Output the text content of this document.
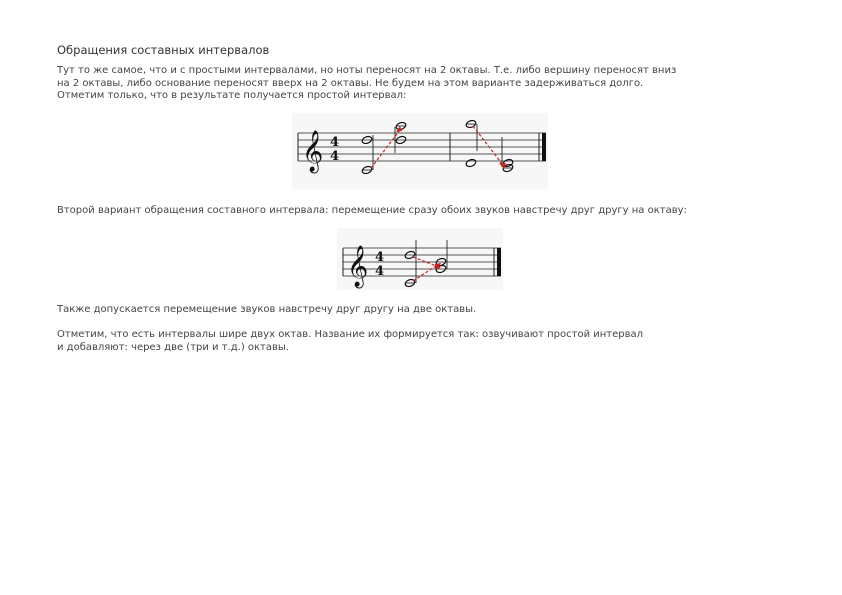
Обращения составных интервалов
Тут то же самое, что и с простыми интервалами, но ноты переносят на 2 октавы. Т.е. либо вершину переносят вниз
на 2 октавы, либо основание переносят вверх на 2 октавы. Не будем на этом варианте задерживаться долго.
Отметим только, что в результате получается простой интервал:
𝄞 4
4
Второй вариант обращения составного интервала: перемещение сразу обоих звуков навстречу друг другу на октаву:
𝄞 4
4
Также допускается перемещение звуков навстречу друг другу на две октавы.
Отметим, что есть интервалы шире двух октав. Название их формируется так: озвучивают простой интервал
и добавляют: через две (три и т.д.) октавы.
